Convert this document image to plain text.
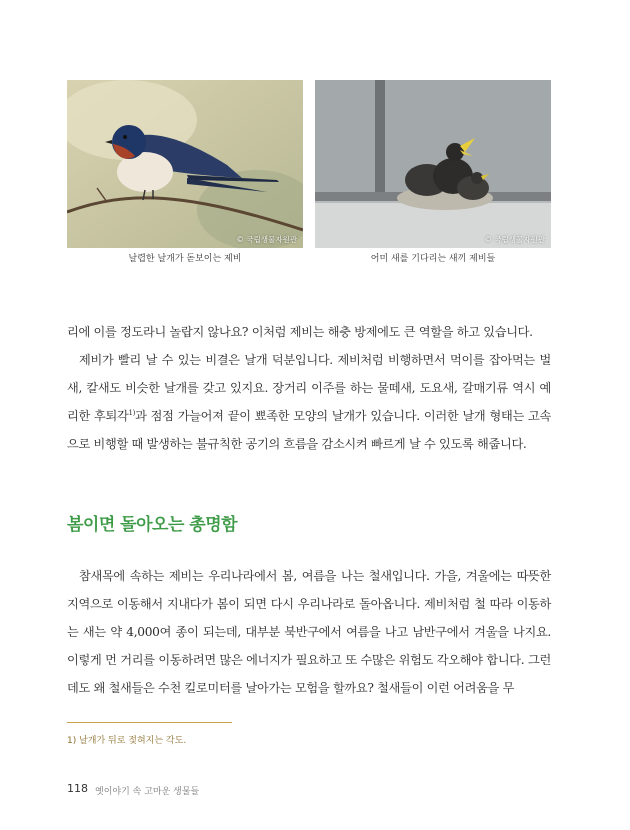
© 국립생물자원관
날렵한 날개가 돋보이는 제비
© 국립생물자원관
어미 새를 기다리는 새끼 제비들

리에 이를 정도라니 놀랍지 않나요? 이처럼 제비는 해충 방제에도 큰 역할을 하고 있습니다.
제비가 빨리 날 수 있는 비결은 날개 덕분입니다. 제비처럼 비행하면서 먹이를 잡아먹는 벌새, 칼새도 비슷한 날개를 갖고 있지요. 장거리 이주를 하는 물떼새, 도요새, 갈매기류 역시 예리한 후퇴각$^{1)}$과 점점 가늘어져 끝이 뾰족한 모양의 날개가 있습니다. 이러한 날개 형태는 고속으로 비행할 때 발생하는 불규칙한 공기의 흐름을 감소시켜 빠르게 날 수 있도록 해줍니다.

봄이면 돌아오는 총명함

참새목에 속하는 제비는 우리나라에서 봄, 여름을 나는 철새입니다. 가을, 겨울에는 따뜻한 지역으로 이동해서 지내다가 봄이 되면 다시 우리나라로 돌아옵니다. 제비처럼 철 따라 이동하는 새는 약 4,000여 종이 되는데, 대부분 북반구에서 여름을 나고 남반구에서 겨울을 나지요. 이렇게 먼 거리를 이동하려면 많은 에너지가 필요하고 또 수많은 위험도 각오해야 합니다. 그런데도 왜 철새들은 수천 킬로미터를 날아가는 모험을 할까요? 철새들이 이런 어려움을 무

1) 날개가 뒤로 젖혀지는 각도.
118 옛이야기 속 고마운 생물들
